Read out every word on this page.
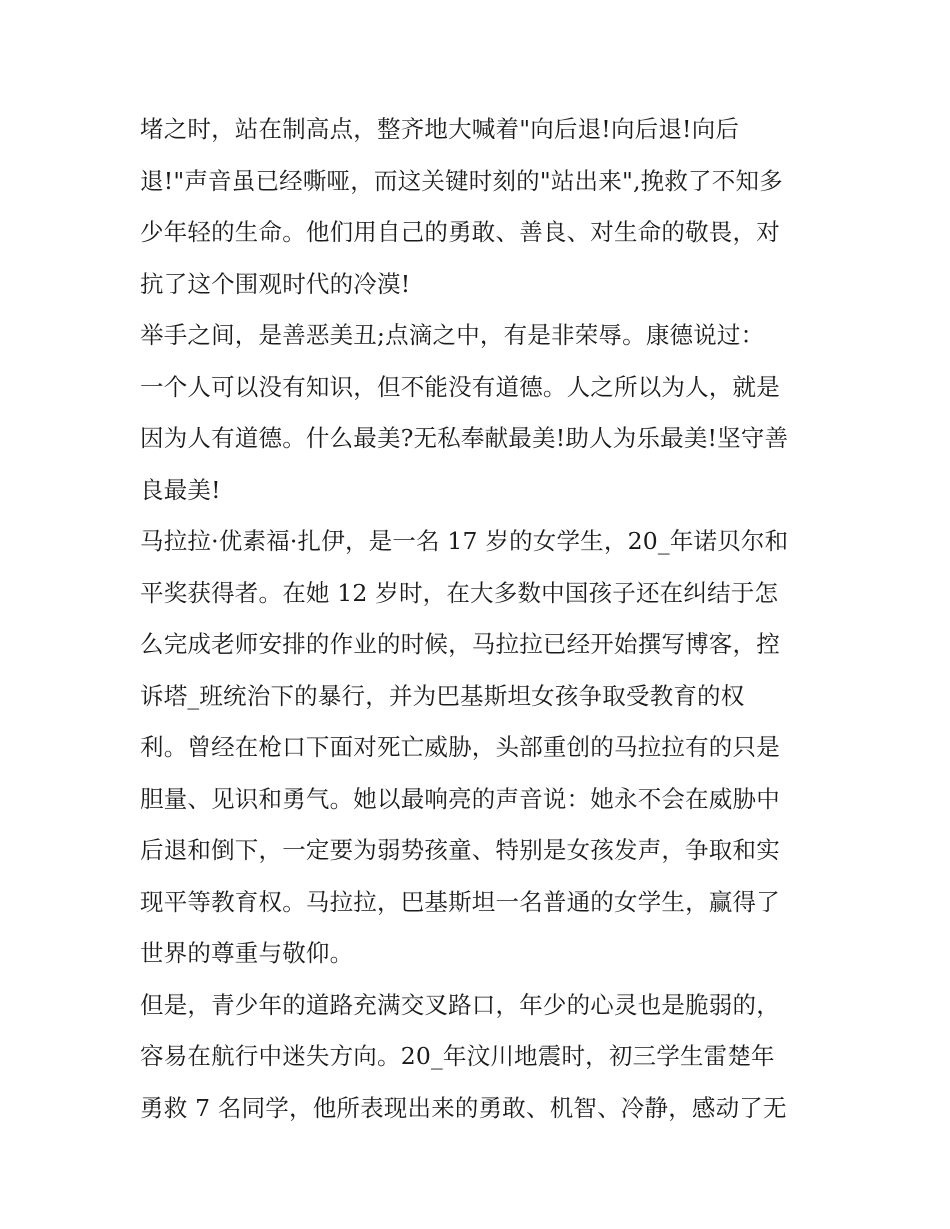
堵之时，站在制高点，整齐地大喊着"向后退!向后退!向后
退!"声音虽已经嘶哑，而这关键时刻的"站出来",挽救了不知多
少年轻的生命。他们用自己的勇敢、善良、对生命的敬畏，对
抗了这个围观时代的冷漠!
举手之间，是善恶美丑;点滴之中，有是非荣辱。康德说过：
一个人可以没有知识，但不能没有道德。人之所以为人，就是
因为人有道德。什么最美?无私奉献最美!助人为乐最美!坚守善
良最美!
马拉拉·优素福·扎伊，是一名 17 岁的女学生，20_年诺贝尔和
平奖获得者。在她 12 岁时，在大多数中国孩子还在纠结于怎
么完成老师安排的作业的时候，马拉拉已经开始撰写博客，控
诉塔_班统治下的暴行，并为巴基斯坦女孩争取受教育的权
利。曾经在枪口下面对死亡威胁，头部重创的马拉拉有的只是
胆量、见识和勇气。她以最响亮的声音说：她永不会在威胁中
后退和倒下，一定要为弱势孩童、特别是女孩发声，争取和实
现平等教育权。马拉拉，巴基斯坦一名普通的女学生，赢得了
世界的尊重与敬仰。
但是，青少年的道路充满交叉路口，年少的心灵也是脆弱的，
容易在航行中迷失方向。20_年汶川地震时，初三学生雷楚年
勇救 7 名同学，他所表现出来的勇敢、机智、冷静，感动了无
